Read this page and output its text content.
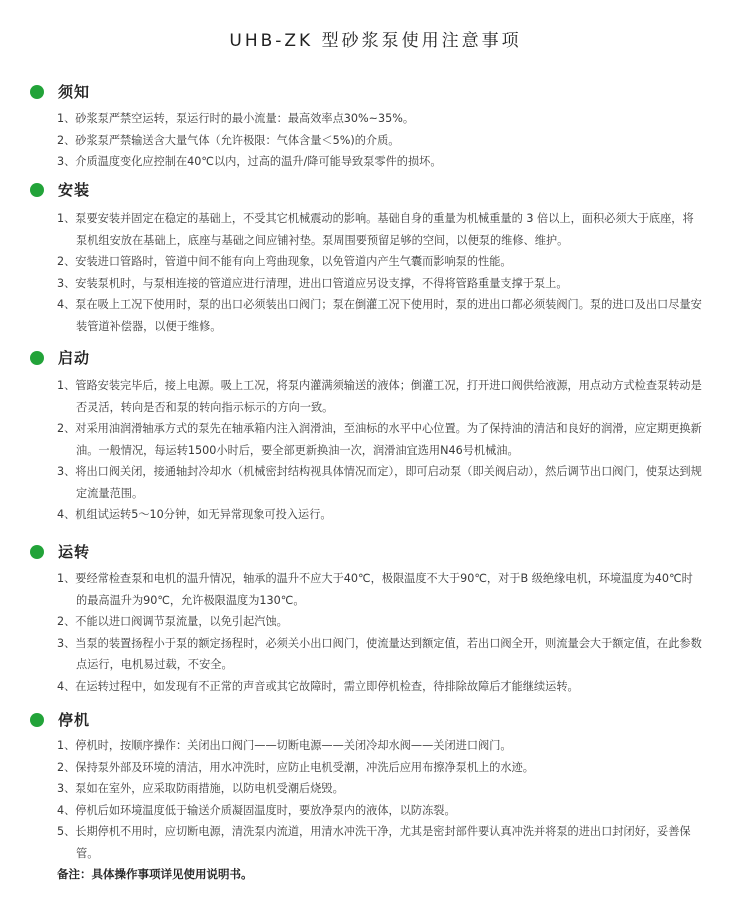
UHB-ZK 型砂浆泵使用注意事项
须知
1、砂浆泵严禁空运转，泵运行时的最小流量：最高效率点30%~35%。
2、砂浆泵严禁输送含大量气体（允许极限：气体含量＜5%)的介质。
3、介质温度变化应控制在40℃以内，过高的温升/降可能导致泵零件的损坏。
安装
1、泵要安装并固定在稳定的基础上，不受其它机械震动的影响。基础自身的重量为机械重量的 3 倍以上，面积必须大于底座，将泵机组安放在基础上，底座与基础之间应铺衬垫。泵周围要预留足够的空间，以便泵的维修、维护。
2、安装进口管路时，管道中间不能有向上弯曲现象，以免管道内产生气囊而影响泵的性能。
3、安装泵机时，与泵相连接的管道应进行清理，进出口管道应另设支撑，不得将管路重量支撑于泵上。
4、泵在吸上工况下使用时，泵的出口必须装出口阀门；泵在倒灌工况下使用时，泵的进出口都必须装阀门。泵的进口及出口尽量安装管道补偿器，以便于维修。
启动
1、管路安装完毕后，接上电源。吸上工况，将泵内灌满须输送的液体；倒灌工况，打开进口阀供给液源，用点动方式检查泵转动是否灵活，转向是否和泵的转向指示标示的方向一致。
2、对采用油润滑轴承方式的泵先在轴承箱内注入润滑油，至油标的水平中心位置。为了保持油的清洁和良好的润滑，应定期更换新油。一般情况，每运转1500小时后，要全部更新换油一次，润滑油宜选用N46号机械油。
3、将出口阀关闭，接通轴封冷却水（机械密封结构视具体情况而定），即可启动泵（即关阀启动），然后调节出口阀门，使泵达到规定流量范围。
4、机组试运转5～10分钟，如无异常现象可投入运行。
运转
1、要经常检查泵和电机的温升情况，轴承的温升不应大于40℃，极限温度不大于90℃，对于B 级绝缘电机，环境温度为40℃时的最高温升为90℃，允许极限温度为130℃。
2、不能以进口阀调节泵流量，以免引起汽蚀。
3、当泵的装置扬程小于泵的额定扬程时，必须关小出口阀门，使流量达到额定值，若出口阀全开，则流量会大于额定值，在此参数点运行，电机易过载，不安全。
4、在运转过程中，如发现有不正常的声音或其它故障时，需立即停机检查，待排除故障后才能继续运转。
停机
1、停机时，按顺序操作：关闭出口阀门——切断电源——关闭冷却水阀——关闭进口阀门。
2、保持泵外部及环境的清洁，用水冲洗时，应防止电机受潮，冲洗后应用布擦净泵机上的水迹。
3、泵如在室外，应采取防雨措施，以防电机受潮后烧毁。
4、停机后如环境温度低于输送介质凝固温度时，要放净泵内的液体，以防冻裂。
5、长期停机不用时，应切断电源，清洗泵内流道，用清水冲洗干净，尤其是密封部件要认真冲洗并将泵的进出口封闭好，妥善保管。
备注：具体操作事项详见使用说明书。
